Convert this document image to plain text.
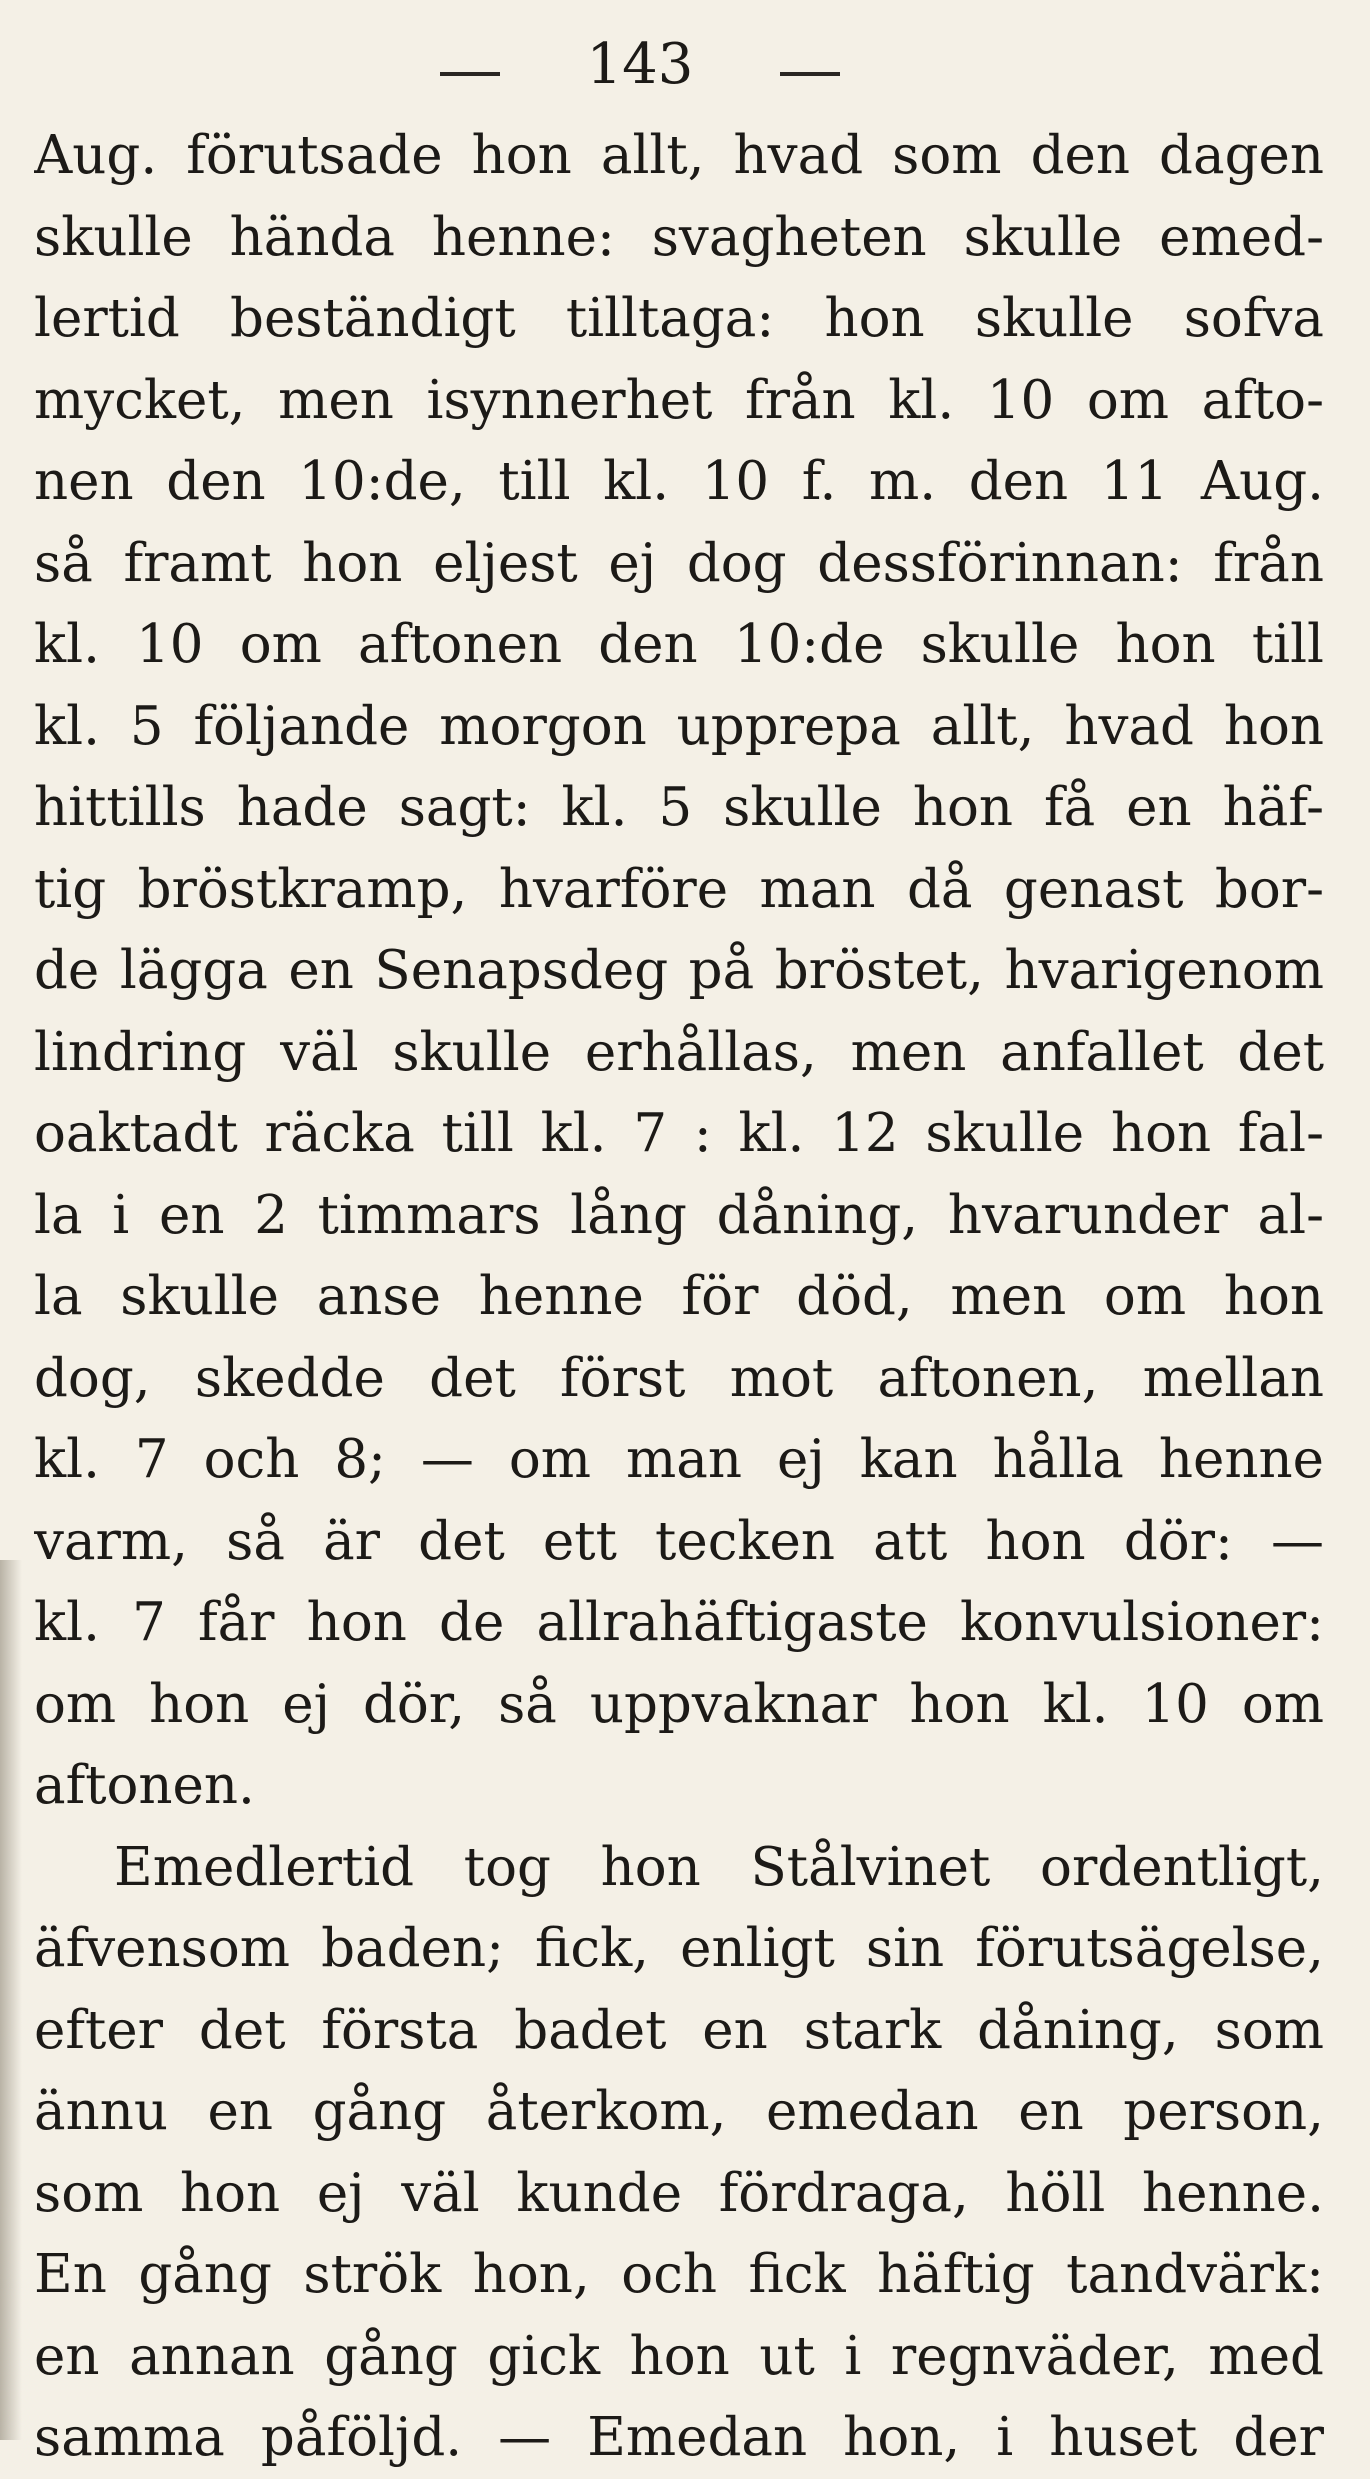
143
Aug. förutsade hon allt, hvad som den dagen
skulle hända henne: svagheten skulle emed-
lertid beständigt tilltaga: hon skulle sofva
mycket, men isynnerhet från kl. 10 om afto-
nen den 10:de, till kl. 10 f. m. den 11 Aug.
så framt hon eljest ej dog dessförinnan: från
kl. 10 om aftonen den 10:de skulle hon till
kl. 5 följande morgon upprepa allt, hvad hon
hittills hade sagt: kl. 5 skulle hon få en häf-
tig bröstkramp, hvarföre man då genast bor-
de lägga en Senapsdeg på bröstet, hvarigenom
lindring väl skulle erhållas, men anfallet det
oaktadt räcka till kl. 7 : kl. 12 skulle hon fal-
la i en 2 timmars lång dåning, hvarunder al-
la skulle anse henne för död, men om hon
dog, skedde det först mot aftonen, mellan
kl. 7 och 8; — om man ej kan hålla henne
varm, så är det ett tecken att hon dör: —
kl. 7 får hon de allrahäftigaste konvulsioner:
om hon ej dör, så uppvaknar hon kl. 10 om
aftonen.
Emedlertid tog hon Stålvinet ordentligt,
äfvensom baden; fick, enligt sin förutsägelse,
efter det första badet en stark dåning, som
ännu en gång återkom, emedan en person,
som hon ej väl kunde fördraga, höll henne.
En gång strök hon, och fick häftig tandvärk:
en annan gång gick hon ut i regnväder, med
samma påföljd. — Emedan hon, i huset der
